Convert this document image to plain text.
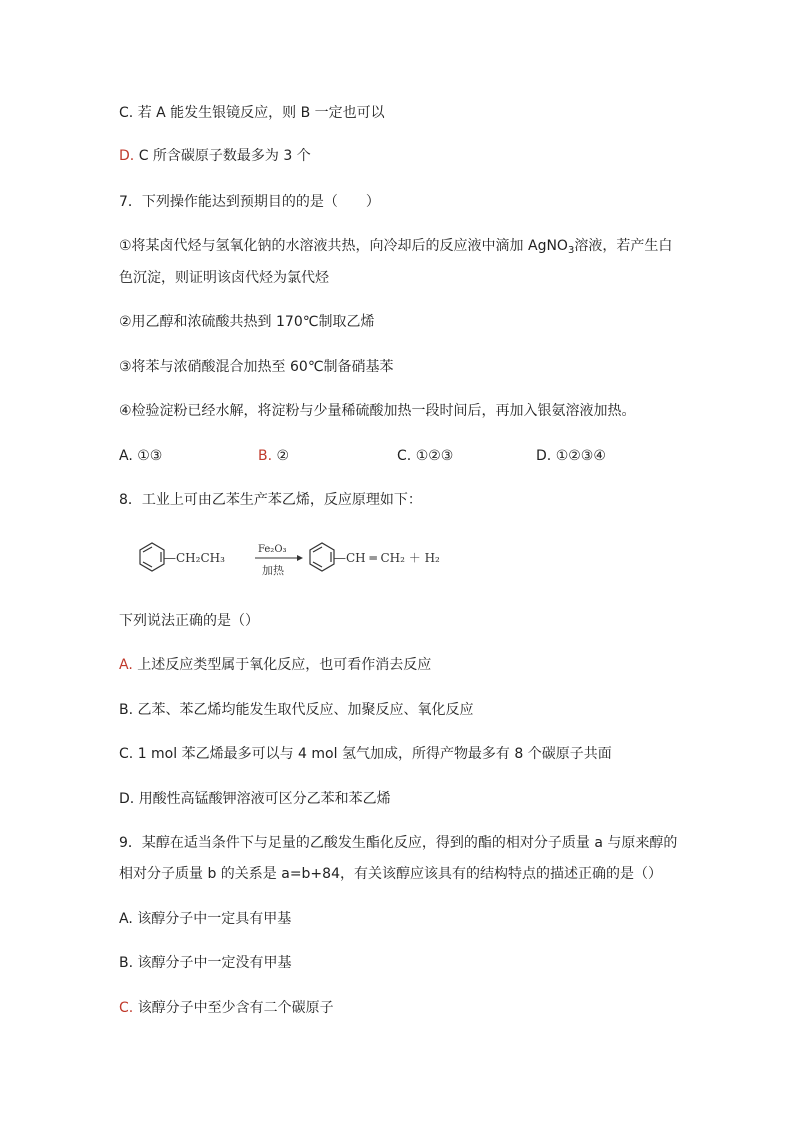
C. 若 A 能发生银镜反应，则 B 一定也可以
D. C 所含碳原子数最多为 3 个
7．下列操作能达到预期目的的是（　　）
①将某卤代烃与氢氧化钠的水溶液共热，向冷却后的反应液中滴加 AgNO$_3$溶液，若产生白
色沉淀，则证明该卤代烃为氯代烃
②用乙醇和浓硫酸共热到 170℃制取乙烯
③将苯与浓硝酸混合加热至 60℃制备硝基苯
④检验淀粉已经水解，将淀粉与少量稀硫酸加热一段时间后，再加入银氨溶液加热。
A. ①③	B. ②	C. ①②③	D. ①②③④
8．工业上可由乙苯生产苯乙烯，反应原理如下：
—CH₂CH₃
Fe₂O₃
加热
—CH ═ CH₂ ＋ H₂
下列说法正确的是（）
A. 上述反应类型属于氧化反应，也可看作消去反应
B. 乙苯、苯乙烯均能发生取代反应、加聚反应、氧化反应
C. 1 mol 苯乙烯最多可以与 4 mol 氢气加成，所得产物最多有 8 个碳原子共面
D. 用酸性高锰酸钾溶液可区分乙苯和苯乙烯
9．某醇在适当条件下与足量的乙酸发生酯化反应，得到的酯的相对分子质量 a 与原来醇的
相对分子质量 b 的关系是 a=b+84，有关该醇应该具有的结构特点的描述正确的是（）
A. 该醇分子中一定具有甲基
B. 该醇分子中一定没有甲基
C. 该醇分子中至少含有二个碳原子
